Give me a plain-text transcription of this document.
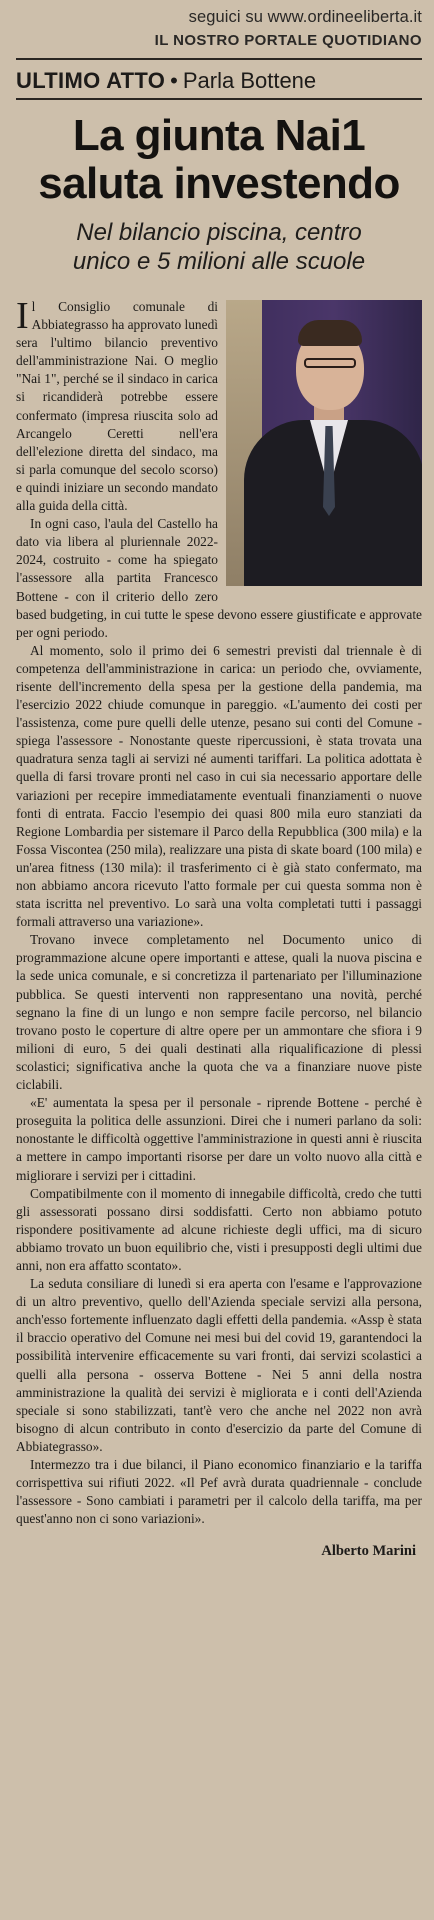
seguici su www.ordineeliberta.it
IL NOSTRO PORTALE QUOTIDIANO
ULTIMO ATTO • Parla Bottene
La giunta Nai1
saluta investendo
Nel bilancio piscina, centro
unico e 5 milioni alle scuole

Il Consiglio comunale di Abbiategrasso ha approvato lunedì sera l'ultimo bilancio preventivo dell'amministrazione Nai. O meglio "Nai 1", perché se il sindaco in carica si ricandiderà potrebbe essere confermato (impresa riuscita solo ad Arcangelo Ceretti nell'era dell'elezione diretta del sindaco, ma si parla comunque del secolo scorso) e quindi iniziare un secondo mandato alla guida della città.

In ogni caso, l'aula del Castello ha dato via libera al pluriennale 2022-2024, costruito - come ha spiegato l'assessore alla partita Francesco Bottene - con il criterio dello zero based budgeting, in cui tutte le spese devono essere giustificate e approvate per ogni periodo.

Al momento, solo il primo dei 6 semestri previsti dal triennale è di competenza dell'amministrazione in carica: un periodo che, ovviamente, risente dell'incremento della spesa per la gestione della pandemia, ma l'esercizio 2022 chiude comunque in pareggio. «L'aumento dei costi per l'assistenza, come pure quelli delle utenze, pesano sui conti del Comune - spiega l'assessore - Nonostante queste ripercussioni, è stata trovata una quadratura senza tagli ai servizi né aumenti tariffari. La politica adottata è quella di farsi trovare pronti nel caso in cui sia necessario apportare delle variazioni per recepire immediatamente eventuali finanziamenti o nuove fonti di entrata. Faccio l'esempio dei quasi 800 mila euro stanziati da Regione Lombardia per sistemare il Parco della Repubblica (300 mila) e la Fossa Viscontea (250 mila), realizzare una pista di skate board (100 mila) e un'area fitness (130 mila): il trasferimento ci è già stato confermato, ma non abbiamo ancora ricevuto l'atto formale per cui questa somma non è stata iscritta nel preventivo. Lo sarà una volta completati tutti i passaggi formali attraverso una variazione».

Trovano invece completamento nel Documento unico di programmazione alcune opere importanti e attese, quali la nuova piscina e la sede unica comunale, e si concretizza il partenariato per l'illuminazione pubblica. Se questi interventi non rappresentano una novità, perché segnano la fine di un lungo e non sempre facile percorso, nel bilancio trovano posto le coperture di altre opere per un ammontare che sfiora i 9 milioni di euro, 5 dei quali destinati alla riqualificazione di plessi scolastici; significativa anche la quota che va a finanziare nuove piste ciclabili.

«E' aumentata la spesa per il personale - riprende Bottene - perché è proseguita la politica delle assunzioni. Direi che i numeri parlano da soli: nonostante le difficoltà oggettive l'amministrazione in questi anni è riuscita a mettere in campo importanti risorse per dare un volto nuovo alla città e migliorare i servizi per i cittadini.

Compatibilmente con il momento di innegabile difficoltà, credo che tutti gli assessorati possano dirsi soddisfatti. Certo non abbiamo potuto rispondere positivamente ad alcune richieste degli uffici, ma di sicuro abbiamo trovato un buon equilibrio che, visti i presupposti degli ultimi due anni, non era affatto scontato».

La seduta consiliare di lunedì si era aperta con l'esame e l'approvazione di un altro preventivo, quello dell'Azienda speciale servizi alla persona, anch'esso fortemente influenzato dagli effetti della pandemia. «Assp è stata il braccio operativo del Comune nei mesi bui del covid 19, garantendoci la possibilità intervenire efficacemente su vari fronti, dai servizi scolastici a quelli alla persona - osserva Bottene - Nei 5 anni della nostra amministrazione la qualità dei servizi è migliorata e i conti dell'Azienda speciale si sono stabilizzati, tant'è vero che anche nel 2022 non avrà bisogno di alcun contributo in conto d'esercizio da parte del Comune di Abbiategrasso».

Intermezzo tra i due bilanci, il Piano economico finanziario e la tariffa corrispettiva sui rifiuti 2022. «Il Pef avrà durata quadriennale - conclude l'assessore - Sono cambiati i parametri per il calcolo della tariffa, ma per quest'anno non ci sono variazioni».

Alberto Marini
